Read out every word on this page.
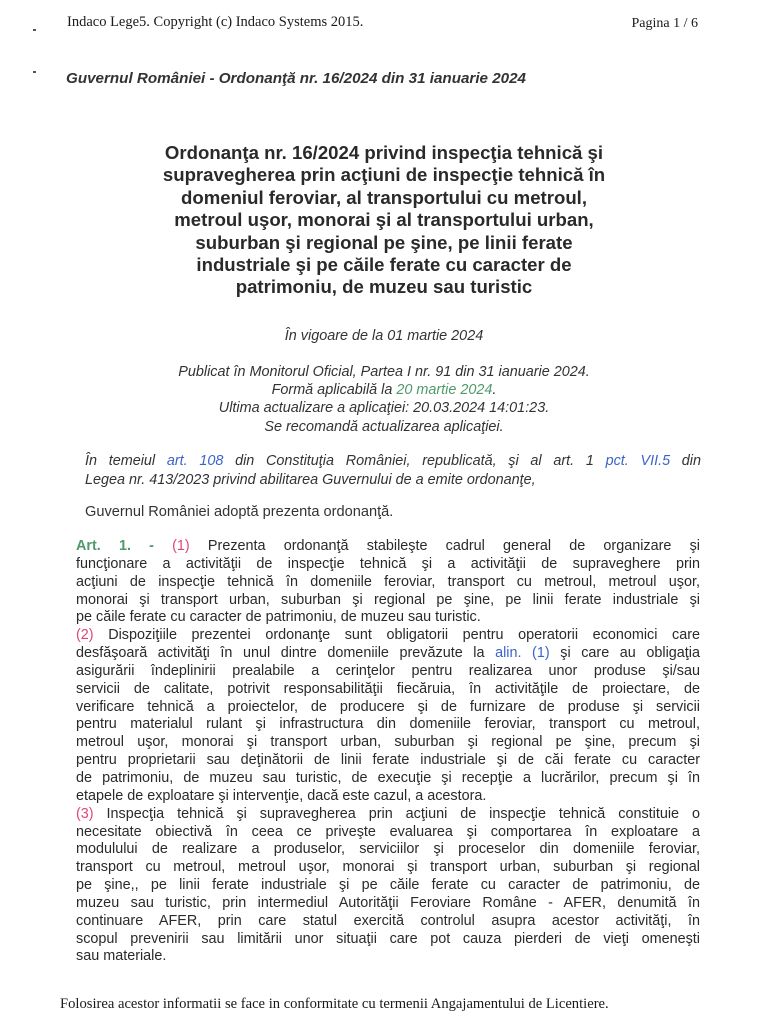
Indaco Lege5. Copyright (c) Indaco Systems 2015.	Pagina 1 / 6
Guvernul României - Ordonanţă nr. 16/2024 din 31 ianuarie 2024
Ordonanţa nr. 16/2024 privind inspecţia tehnică şi
supravegherea prin acţiuni de inspecţie tehnică în
domeniul feroviar, al transportului cu metroul,
metroul uşor, monorai şi al transportului urban,
suburban şi regional pe şine, pe linii ferate
industriale şi pe căile ferate cu caracter de
patrimoniu, de muzeu sau turistic
În vigoare de la 01 martie 2024
Publicat în Monitorul Oficial, Partea I nr. 91 din 31 ianuarie 2024.
Formă aplicabilă la 20 martie 2024.
Ultima actualizare a aplicaţiei: 20.03.2024 14:01:23.
Se recomandă actualizarea aplicaţiei.
În temeiul art. 108 din Constituţia României, republicată, şi al art. 1 pct. VII.5 din
Legea nr. 413/2023 privind abilitarea Guvernului de a emite ordonanţe,
Guvernul României adoptă prezenta ordonanţă.
Art. 1. - (1) Prezenta ordonanţă stabileşte cadrul general de organizare şi
funcţionare a activităţii de inspecţie tehnică şi a activităţii de supraveghere prin
acţiuni de inspecţie tehnică în domeniile feroviar, transport cu metroul, metroul uşor,
monorai şi transport urban, suburban şi regional pe şine, pe linii ferate industriale şi
pe căile ferate cu caracter de patrimoniu, de muzeu sau turistic.
(2) Dispoziţiile prezentei ordonanţe sunt obligatorii pentru operatorii economici care
desfăşoară activităţi în unul dintre domeniile prevăzute la alin. (1) şi care au obligaţia
asigurării îndeplinirii prealabile a cerinţelor pentru realizarea unor produse şi/sau
servicii de calitate, potrivit responsabilităţii fiecăruia, în activităţile de proiectare, de
verificare tehnică a proiectelor, de producere şi de furnizare de produse şi servicii
pentru materialul rulant şi infrastructura din domeniile feroviar, transport cu metroul,
metroul uşor, monorai şi transport urban, suburban şi regional pe şine, precum şi
pentru proprietarii sau deţinătorii de linii ferate industriale şi de căi ferate cu caracter
de patrimoniu, de muzeu sau turistic, de execuţie şi recepţie a lucrărilor, precum şi în
etapele de exploatare şi intervenţie, dacă este cazul, a acestora.
(3) Inspecţia tehnică şi supravegherea prin acţiuni de inspecţie tehnică constituie o
necesitate obiectivă în ceea ce priveşte evaluarea şi comportarea în exploatare a
modulului de realizare a produselor, serviciilor şi proceselor din domeniile feroviar,
transport cu metroul, metroul uşor, monorai şi transport urban, suburban şi regional
pe şine,, pe linii ferate industriale şi pe căile ferate cu caracter de patrimoniu, de
muzeu sau turistic, prin intermediul Autorităţii Feroviare Române - AFER, denumită în
continuare AFER, prin care statul exercită controlul asupra acestor activităţi, în
scopul prevenirii sau limitării unor situaţii care pot cauza pierderi de vieţi omeneşti
sau materiale.
Folosirea acestor informatii se face in conformitate cu termenii Angajamentului de Licentiere.
